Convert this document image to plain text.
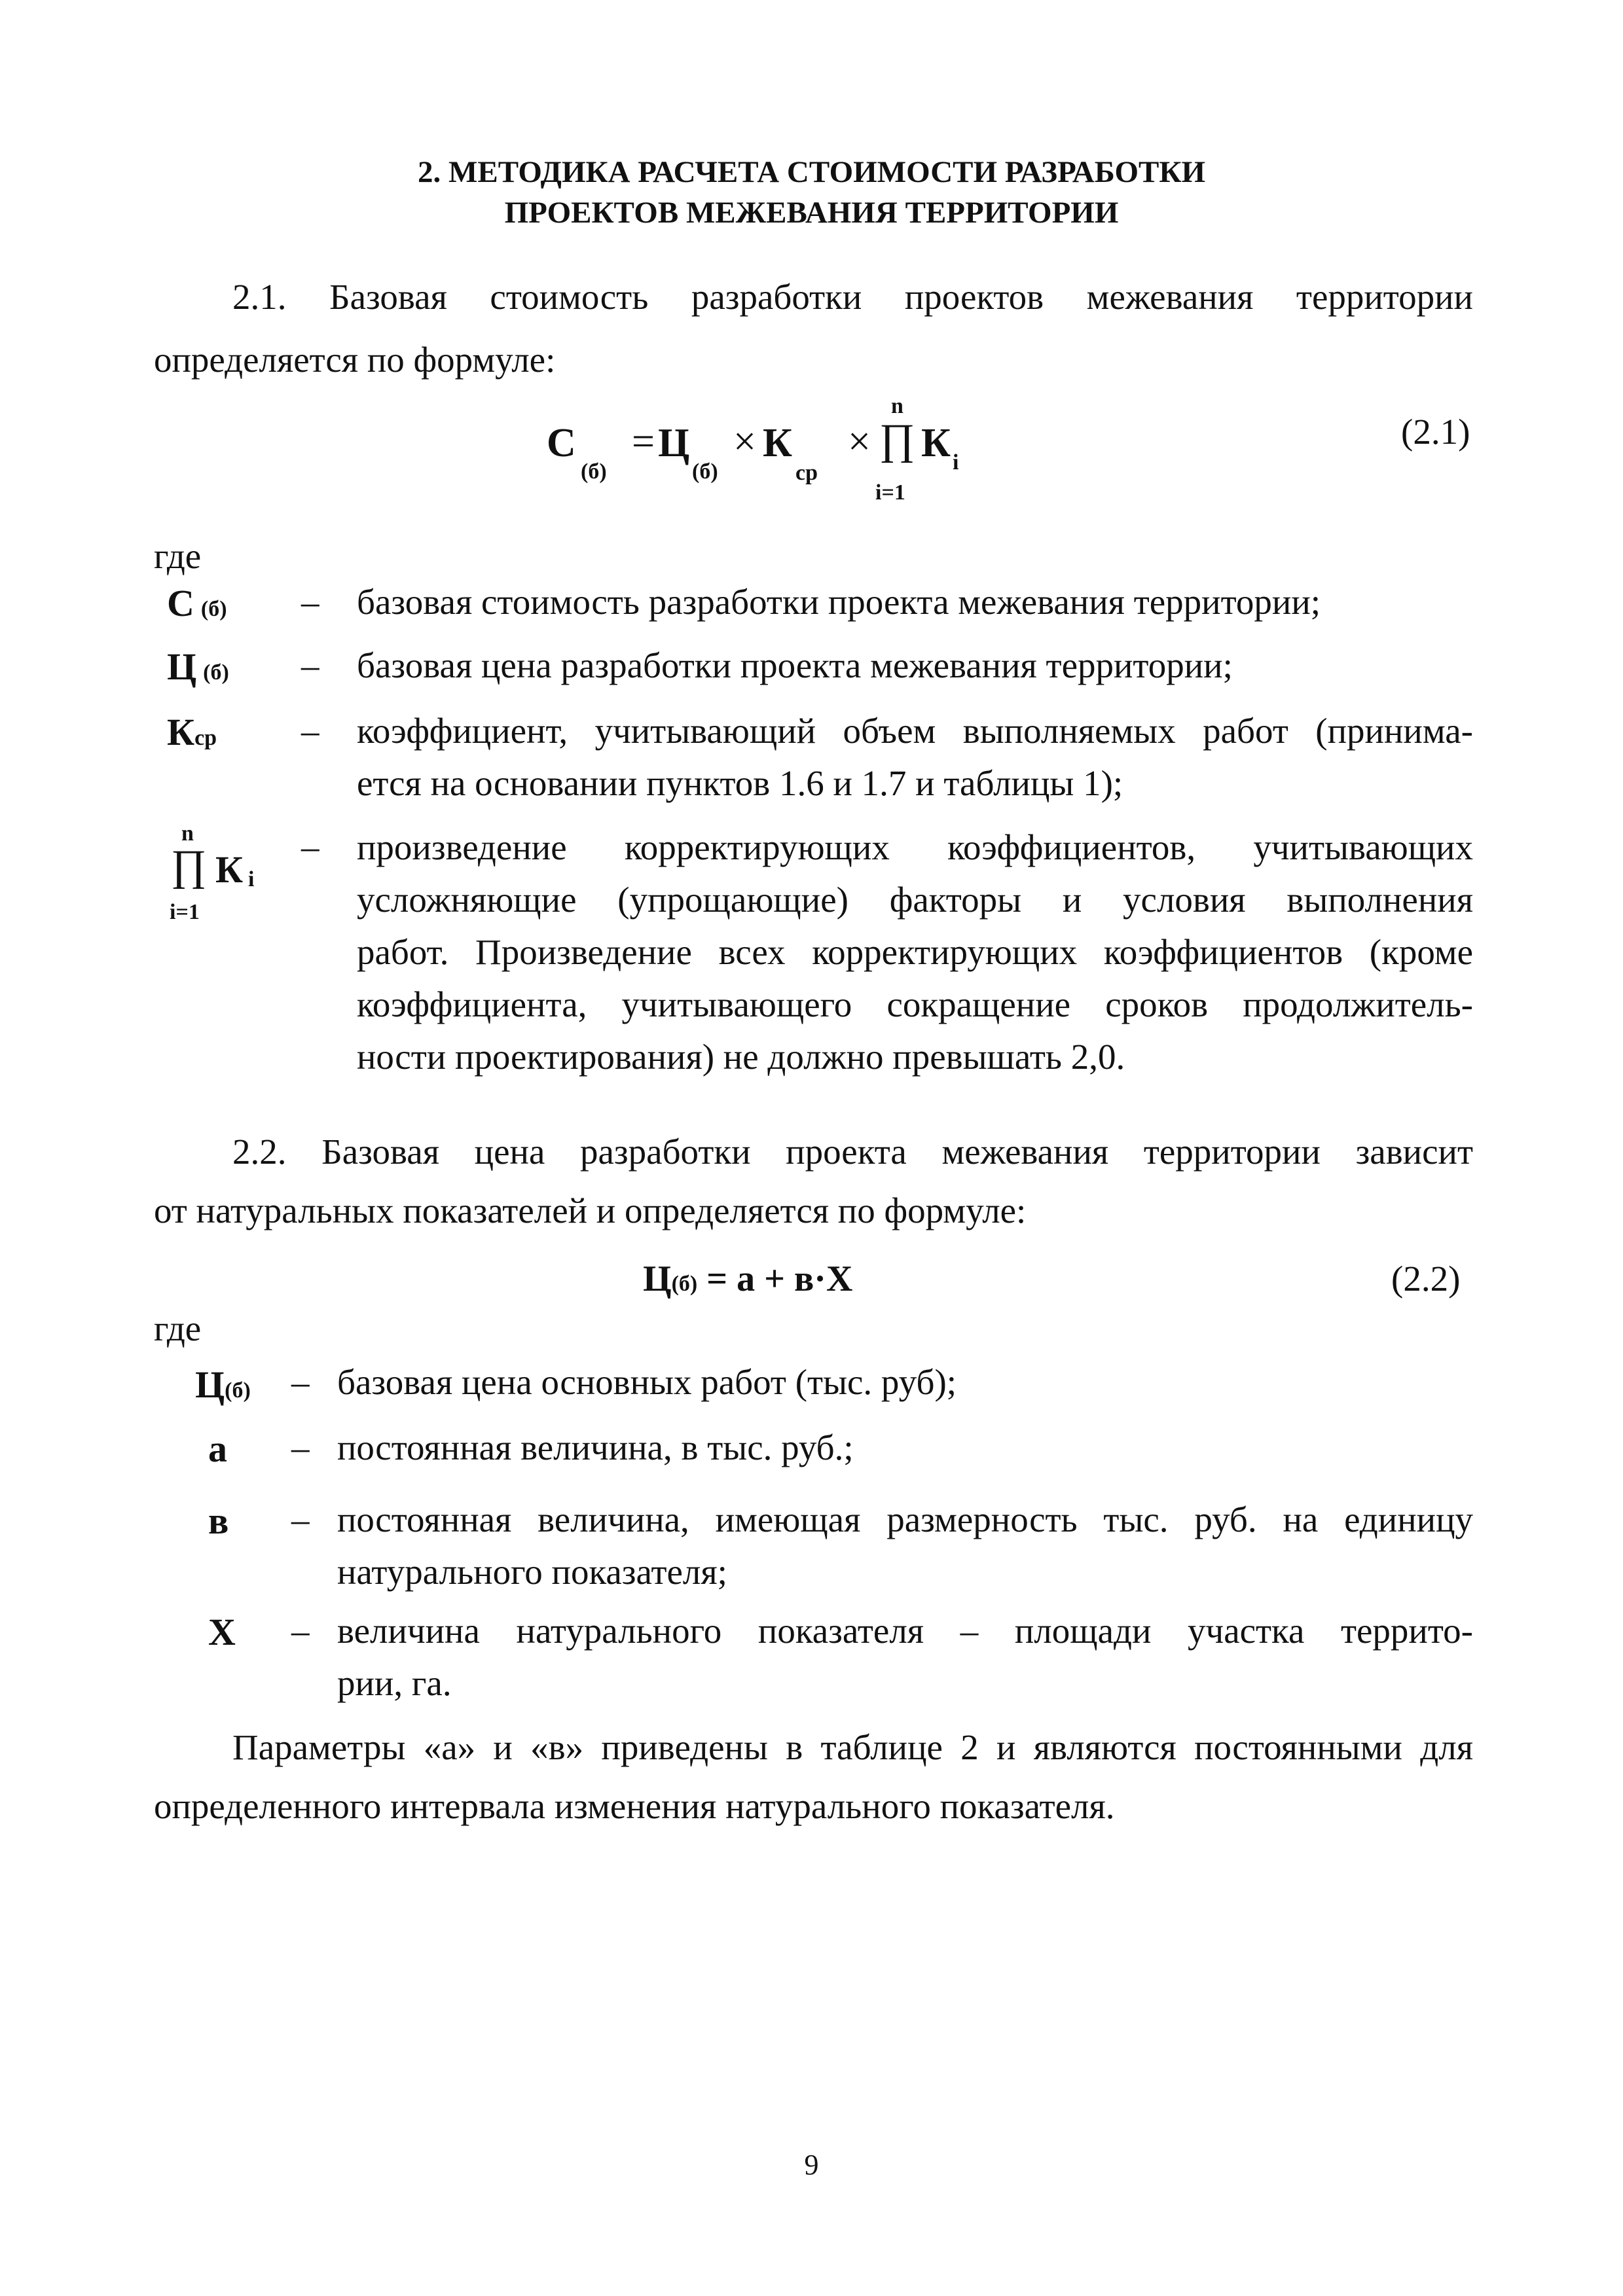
2. МЕТОДИКА РАСЧЕТА СТОИМОСТИ РАЗРАБОТКИ
ПРОЕКТОВ МЕЖЕВАНИЯ ТЕРРИТОРИИ
2.1. Базовая стоимость разработки проектов межевания территории
определяется по формуле:
С
(б)
= Ц
(б)
× К
ср
×
n
∏
i=1
К i
(2.1)
где
С (б) – базовая стоимость разработки проекта межевания территории;
Ц (б) – базовая цена разработки проекта межевания территории;
Кср – коэффициент, учитывающий объем выполняемых работ (принима-
ется на основании пунктов 1.6 и 1.7 и таблицы 1);
n
∏
i=1
К i
– произведение корректирующих коэффициентов, учитывающих
усложняющие (упрощающие) факторы и условия выполнения
работ. Произведение всех корректирующих коэффициентов (кроме
коэффициента, учитывающего сокращение сроков продолжитель-
ности проектирования) не должно превышать 2,0.
2.2. Базовая цена разработки проекта межевания территории зависит
от натуральных показателей и определяется по формуле:
Ц(б) = а + в·Х	(2.2)
где
Ц(б) – базовая цена основных работ (тыс. руб);
а – постоянная величина, в тыс. руб.;
в – постоянная величина, имеющая размерность тыс. руб. на единицу
натурального показателя;
Х – величина натурального показателя – площади участка террито-
рии, га.
Параметры «а» и «в» приведены в таблице 2 и являются постоянными для
определенного интервала изменения натурального показателя.
9
